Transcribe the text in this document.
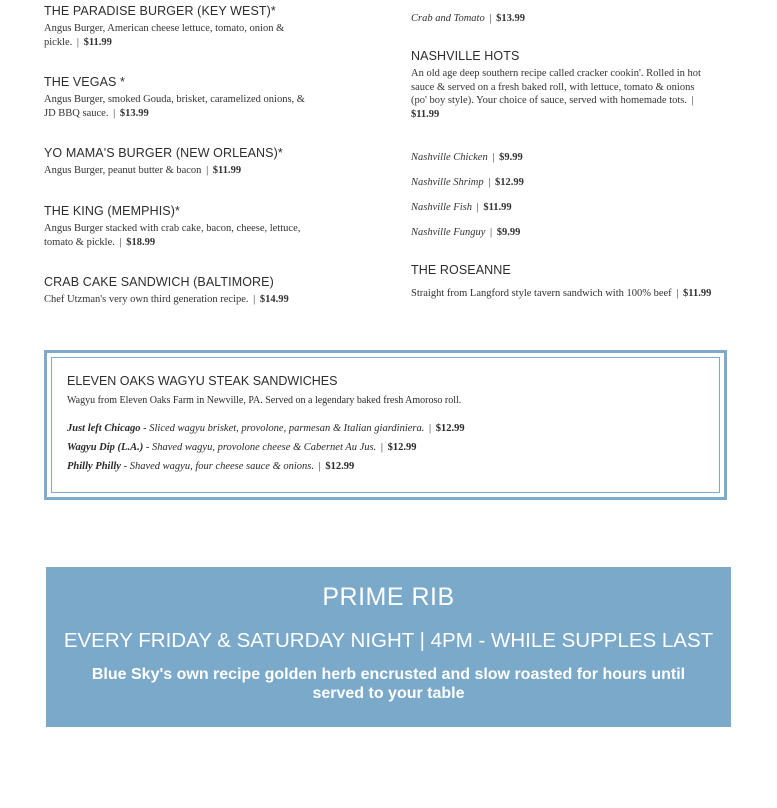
THE PARADISE BURGER (KEY WEST)*

Angus Burger, American cheese lettuce, tomato, onion & pickle. | $11.99

THE VEGAS *

Angus Burger, smoked Gouda, brisket, caramelized onions, & JD BBQ sauce. | $13.99

YO MAMA'S BURGER (NEW ORLEANS)*

Angus Burger, peanut butter & bacon | $11.99

THE KING (MEMPHIS)*

Angus Burger stacked with crab cake, bacon, cheese, lettuce, tomato & pickle. | $18.99

CRAB CAKE SANDWICH (BALTIMORE)

Chef Utzman's very own third generation recipe. | $14.99

Crab and Tomato | $13.99

NASHVILLE HOTS

An old age deep southern recipe called cracker cookin'. Rolled in hot sauce & served on a fresh baked roll, with lettuce, tomato & onions (po' boy style). Your choice of sauce, served with homemade tots. | $11.99

Nashville Chicken | $9.99

Nashville Shrimp | $12.99

Nashville Fish | $11.99

Nashville Funguy | $9.99

THE ROSEANNE

Straight from Langford style tavern sandwich with 100% beef | $11.99

ELEVEN OAKS WAGYU STEAK SANDWICHES

Wagyu from Eleven Oaks Farm in Newville, PA. Served on a legendary baked fresh Amoroso roll.

Just left Chicago - Sliced wagyu brisket, provolone, parmesan & Italian giardiniera. | $12.99

Wagyu Dip (L.A.) - Shaved wagyu, provolone cheese & Cabernet Au Jus. | $12.99

Philly Philly - Shaved wagyu, four cheese sauce & onions. | $12.99

PRIME RIB

EVERY FRIDAY & SATURDAY NIGHT | 4PM - WHILE SUPPLES LAST

Blue Sky's own recipe golden herb encrusted and slow roasted for hours until served to your table
